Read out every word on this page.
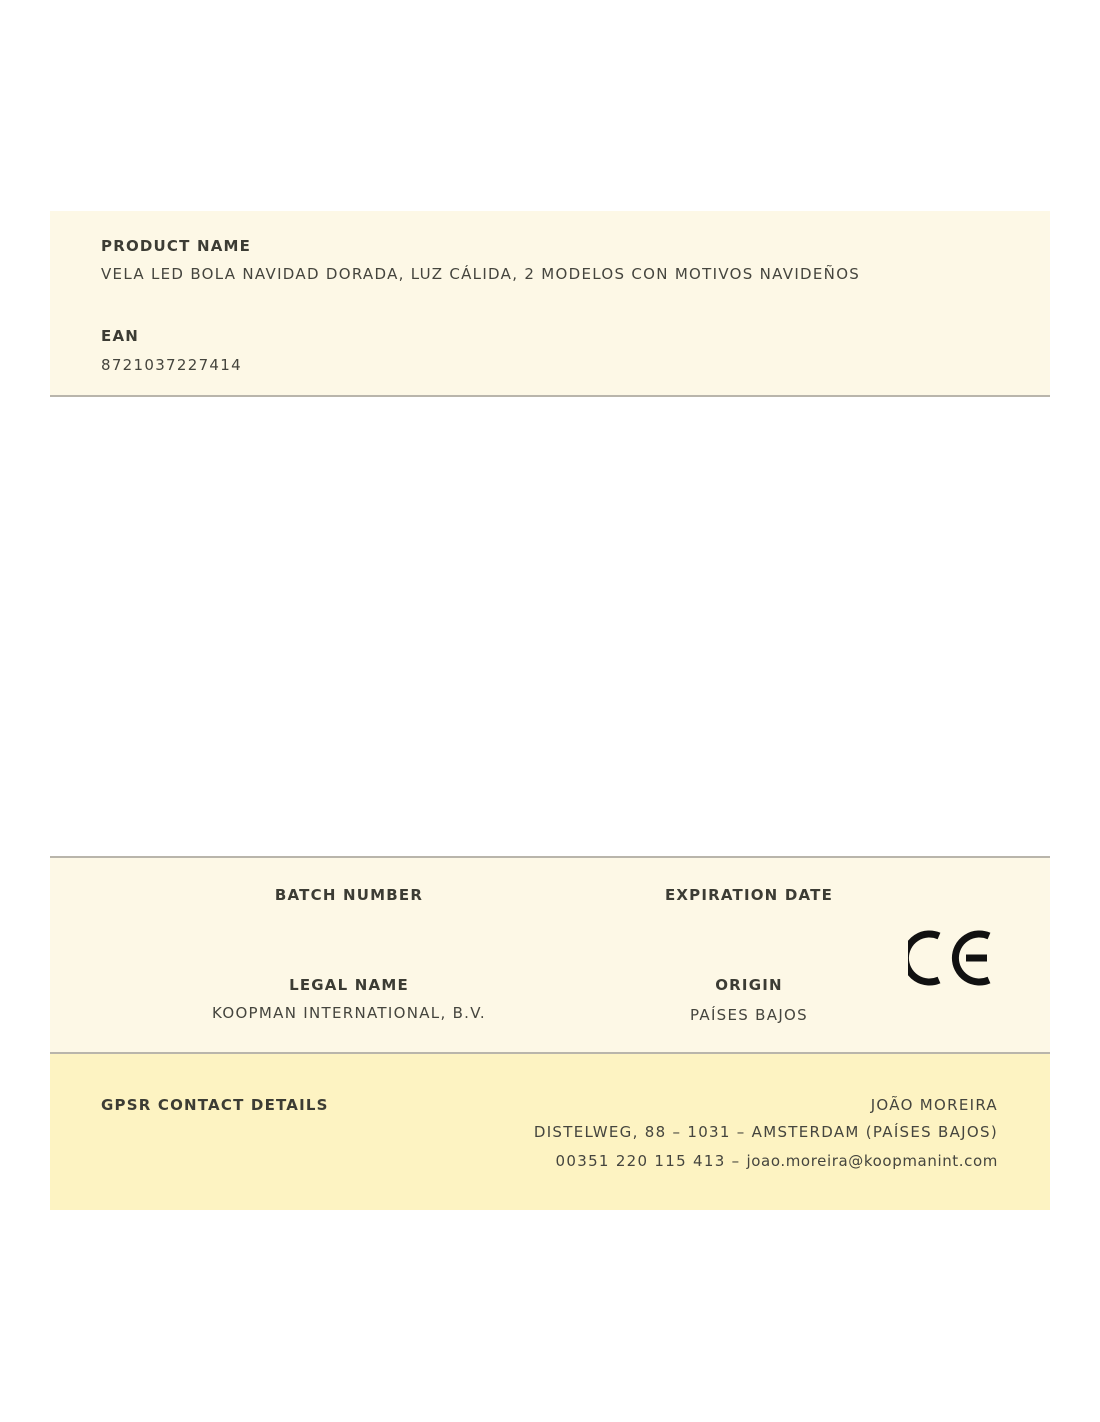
PRODUCT NAME
VELA LED BOLA NAVIDAD DORADA, LUZ CÁLIDA, 2 MODELOS CON MOTIVOS NAVIDEÑOS
EAN
8721037227414
BATCH NUMBER	EXPIRATION DATE
LEGAL NAME
KOOPMAN INTERNATIONAL, B.V.
ORIGIN
PAÍSES BAJOS
GPSR CONTACT DETAILS	JOÃO MOREIRA
DISTELWEG, 88 – 1031 – AMSTERDAM (PAÍSES BAJOS)
00351 220 115 413 – joao.moreira@koopmanint.com
